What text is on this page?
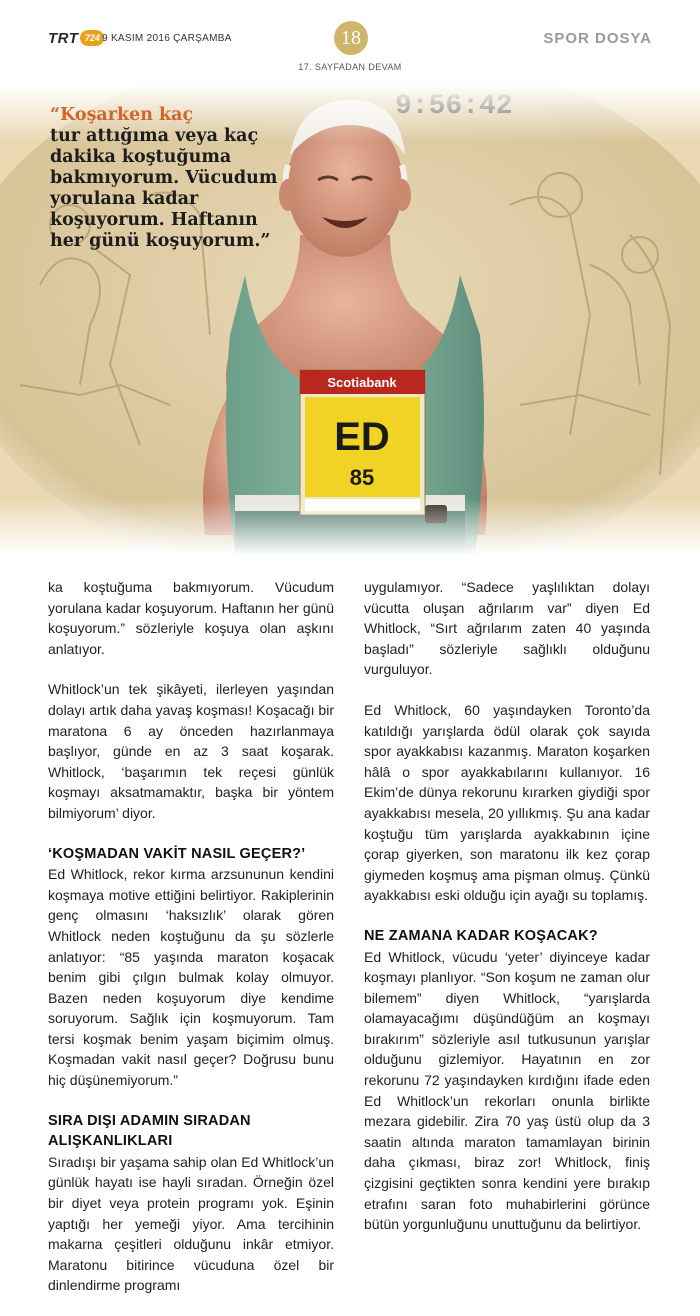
TRT 724 9 KASIM 2016 ÇARŞAMBA	18
17. SAYFADAN DEVAM
SPOR DOSYA

“Koşarken kaç
tur attığıma veya kaç dakika koştuğuma bakmıyorum. Vücudum yorulana kadar koşuyorum. Haftanın her günü koşuyorum.”

ka koştuğuma bakmıyorum. Vücudum yorulana kadar koşuyorum. Haftanın her günü koşuyorum.” sözleriyle koşuya olan aşkını anlatıyor.

Whitlock’un tek şikâyeti, ilerleyen yaşından dolayı artık daha yavaş koşması! Koşacağı bir maratona 6 ay önceden hazırlanmaya başlıyor, günde en az 3 saat koşarak. Whitlock, ‘başarımın tek reçesi günlük koşmayı aksatmamaktır, başka bir yöntem bilmiyorum’ diyor.

‘KOŞMADAN VAKİT NASIL GEÇER?’

Ed Whitlock, rekor kırma arzsununun kendini koşmaya motive ettiğini belirtiyor. Rakiplerinin genç olmasını ‘haksızlık’ olarak gören Whitlock neden koştuğunu da şu sözlerle anlatıyor: “85 yaşında maraton koşacak benim gibi çılgın bulmak kolay olmuyor. Bazen neden koşuyorum diye kendime soruyorum. Sağlık için koşmuyorum. Tam tersi koşmak benim yaşam biçimim olmuş. Koşmadan vakit nasıl geçer? Doğrusu bunu hiç düşünemiyorum.”

SIRA DIŞI ADAMIN SIRADAN ALIŞKANLIKLARI

Sıradışı bir yaşama sahip olan Ed Whitlock’un günlük hayatı ise hayli sıradan. Örneğin özel bir diyet veya protein programı yok. Eşinin yaptığı her yemeği yiyor. Ama tercihinin makarna çeşitleri olduğunu inkâr etmiyor. Maratonu bitirince vücuduna özel bir dinlendirme programı

uygulamıyor. “Sadece yaşlılıktan dolayı vücutta oluşan ağrılarım var” diyen Ed Whitlock, “Sırt ağrılarım zaten 40 yaşında başladı” sözleriyle sağlıklı olduğunu vurguluyor.

Ed Whitlock, 60 yaşındayken Toronto’da katıldığı yarışlarda ödül olarak çok sayıda spor ayakkabısı kazanmış. Maraton koşarken hâlâ o spor ayakkabılarını kullanıyor. 16 Ekim’de dünya rekorunu kırarken giydiği spor ayakkabısı mesela, 20 yıllıkmış. Şu ana kadar koştuğu tüm yarışlarda ayakkabının içine çorap giyerken, son maratonu ilk kez çorap giymeden koşmuş ama pişman olmuş. Çünkü ayakkabısı eski olduğu için ayağı su toplamış.

NE ZAMANA KADAR KOŞACAK?

Ed Whitlock, vücudu ‘yeter’ diyinceye kadar koşmayı planlıyor. “Son koşum ne zaman olur bilemem” diyen Whitlock, “yarışlarda olamayacağımı düşündüğüm an koşmayı bırakırım” sözleriyle asıl tutkusunun yarışlar olduğunu gizlemiyor. Hayatının en zor rekorunu 72 yaşındayken kırdığını ifade eden Ed Whitlock’un rekorları onunla birlikte mezara gidebilir. Zira 70 yaş üstü olup da 3 saatin altında maraton tamamlayan birinin daha çıkması, biraz zor! Whitlock, finiş çizgisini geçtikten sonra kendini yere bırakıp etrafını saran foto muhabirlerini görünce bütün yorgunluğunu unuttuğunu da belirtiyor.
